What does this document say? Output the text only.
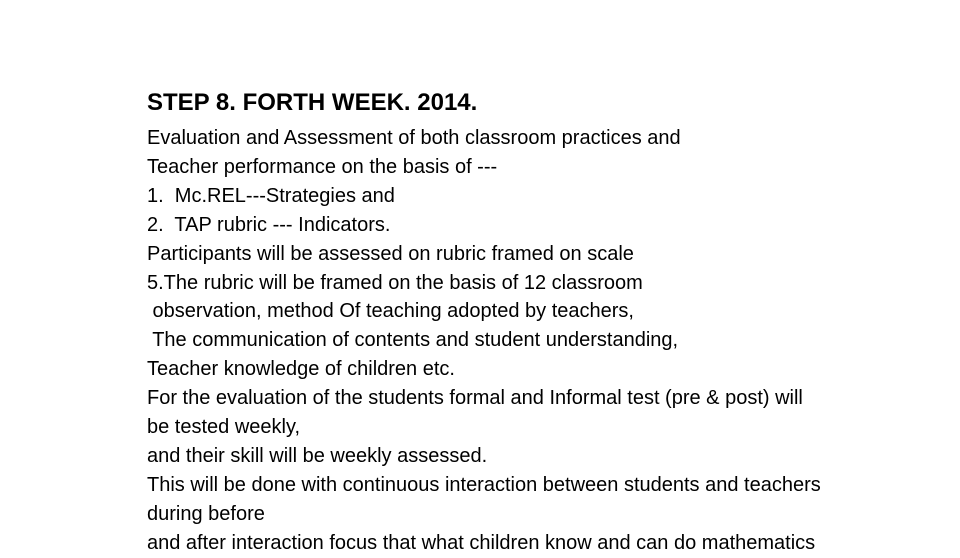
STEP 8. FORTH WEEK. 2014.
Evaluation and Assessment of both classroom practices and
Teacher performance on the basis of ---
1.  Mc.REL---Strategies and
2.  TAP rubric --- Indicators.
Participants will be assessed on rubric framed on scale
5.The rubric will be framed on the basis of 12 classroom
observation, method Of teaching adopted by teachers,
The communication of contents and student understanding,
Teacher knowledge of children etc.
For the evaluation of the students formal and Informal test (pre & post) will
be tested weekly,
and their skill will be weekly assessed.
This will be done with continuous interaction between students and teachers
during before
and after interaction focus that what children know and can do mathematics
